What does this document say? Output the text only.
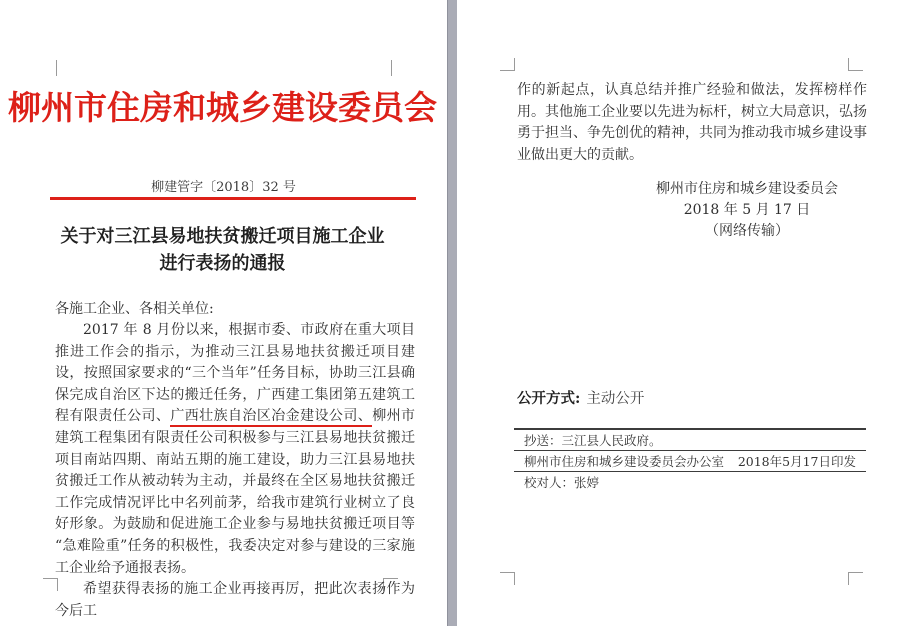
柳州市住房和城乡建设委员会
柳建管字〔2018〕32 号
关于对三江县易地扶贫搬迁项目施工企业
进行表扬的通报
各施工企业、各相关单位:

2017 年 8 月份以来，根据市委、市政府在重大项目推进工作会的指示，为推动三江县易地扶贫搬迁项目建设，按照国家要求的“三个当年”任务目标，协助三江县确保完成自治区下达的搬迁任务，广西建工集团第五建筑工程有限责任公司、广西壮族自治区冶金建设公司、柳州市建筑工程集团有限责任公司积极参与三江县易地扶贫搬迁项目南站四期、南站五期的施工建设，助力三江县易地扶贫搬迁工作从被动转为主动，并最终在全区易地扶贫搬迁工作完成情况评比中名列前茅，给我市建筑行业树立了良好形象。为鼓励和促进施工企业参与易地扶贫搬迁项目等“急难险重”任务的积极性，我委决定对参与建设的三家施工企业给予通报表扬。

希望获得表扬的施工企业再接再厉，把此次表扬作为今后工

作的新起点，认真总结并推广经验和做法，发挥榜样作用。其他施工企业要以先进为标杆，树立大局意识，弘扬勇于担当、争先创优的精神，共同为推动我市城乡建设事业做出更大的贡献。

柳州市住房和城乡建设委员会
2018 年 5 月 17 日
（网络传输）
公开方式: 主动公开
抄送：三江县人民政府。
柳州市住房和城乡建设委员会办公室 2018年5月17日印发
校对人：张婷
